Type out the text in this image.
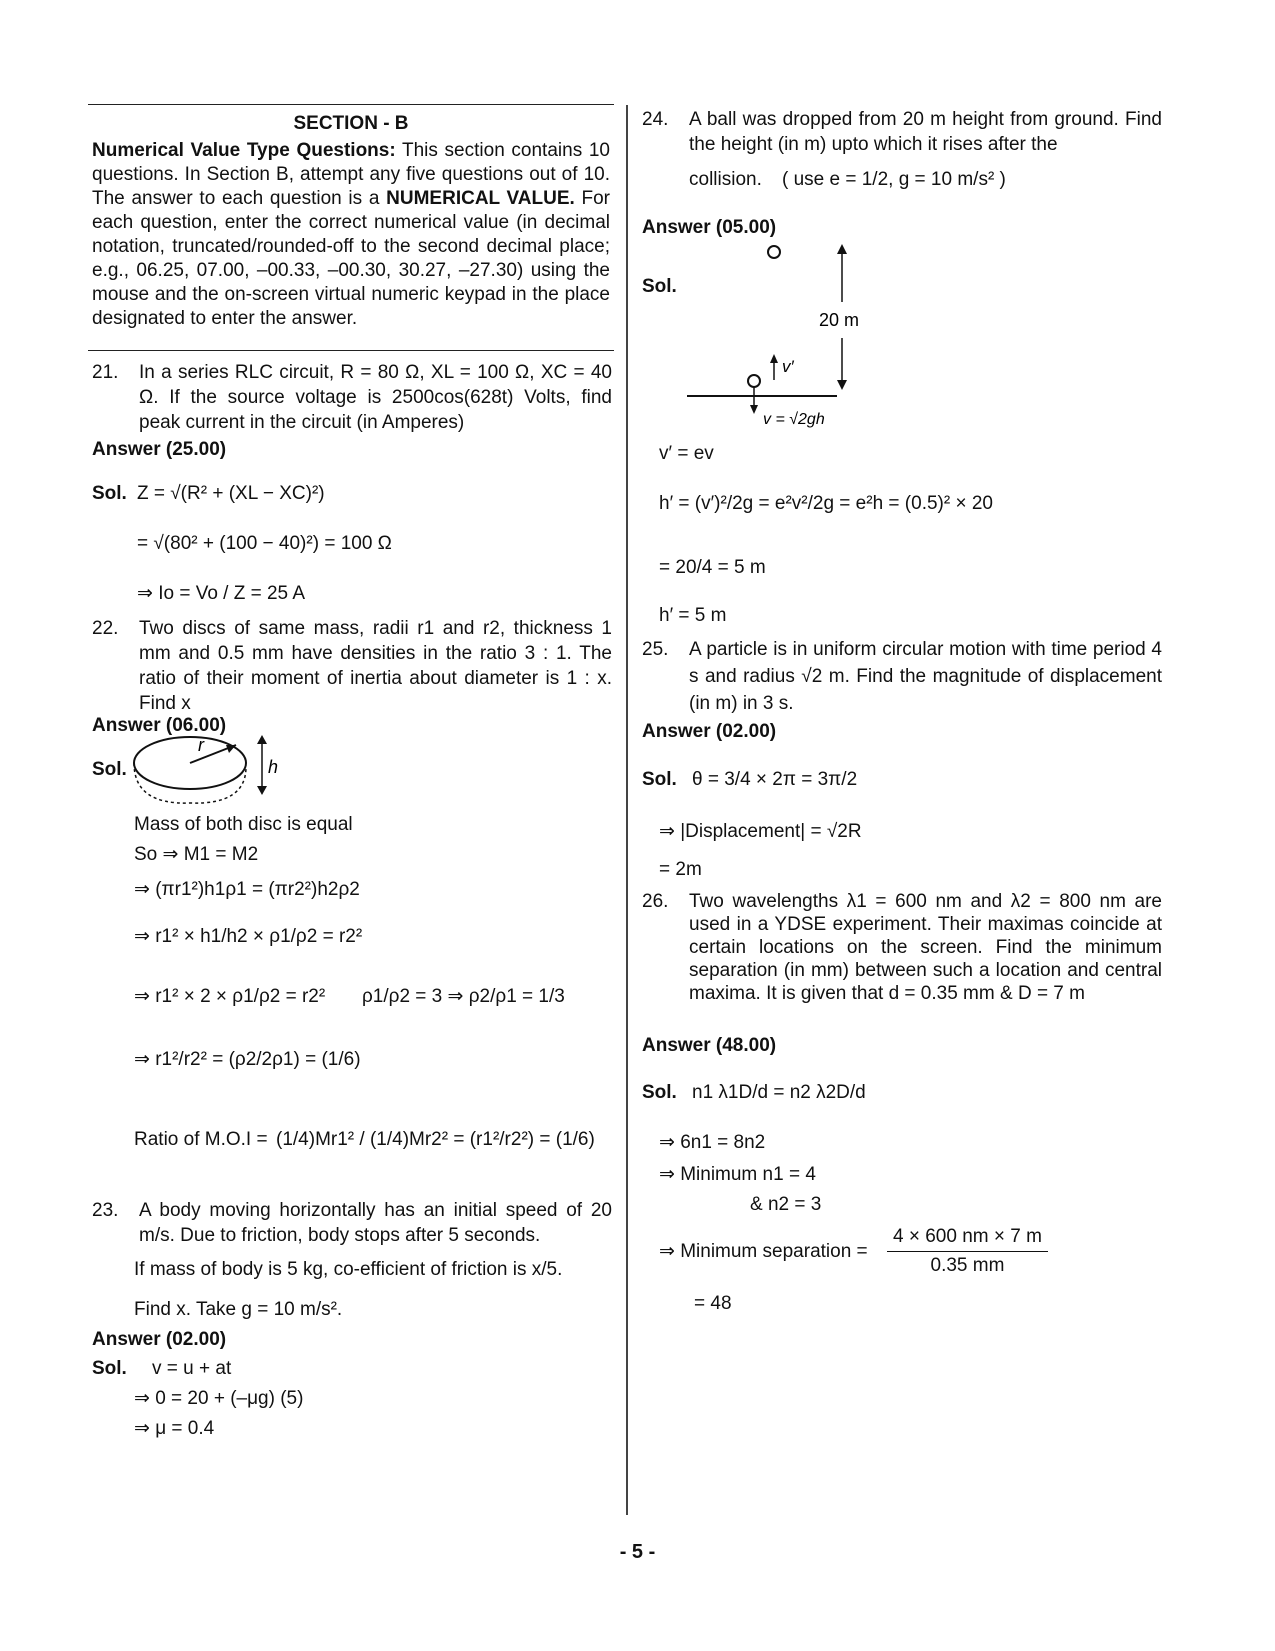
SECTION - B
Numerical Value Type Questions: This section contains 10 questions. In Section B, attempt any five questions out of 10. The answer to each question is a NUMERICAL VALUE. For each question, enter the correct numerical value (in decimal notation, truncated/rounded-off to the second decimal place; e.g., 06.25, 07.00, –00.33, –00.30, 30.27, –27.30) using the mouse and the on-screen virtual numeric keypad in the place designated to enter the answer.
21. In a series RLC circuit, R = 80 Ω, XL = 100 Ω, XC = 40 Ω. If the source voltage is 2500cos(628t) Volts, find peak current in the circuit (in Amperes)
Answer (25.00)
Sol. Z = √(R² + (XL − XC)²)
= √(80² + (100 − 40)²) = 100 Ω
⇒ Io = Vo / Z = 25 A
22. Two discs of same mass, radii r1 and r2, thickness 1 mm and 0.5 mm have densities in the ratio 3 : 1. The ratio of their moment of inertia about diameter is 1 : x. Find x
Answer (06.00)
Sol.
r
h
Mass of both disc is equal
So ⇒ M1 = M2
⇒ (πr1²)h1ρ1 = (πr2²)h2ρ2
⇒ r1² × h1/h2 × ρ1/ρ2 = r2²
⇒ r1² × 2 × ρ1/ρ2 = r2² ρ1/ρ2 = 3 ⇒ ρ2/ρ1 = 1/3
⇒ r1²/r2² = (ρ2/2ρ1) = (1/6)
Ratio of M.O.I = (1/4)Mr1² / (1/4)Mr2² = (r1²/r2²) = (1/6)
23. A body moving horizontally has an initial speed of 20 m/s. Due to friction, body stops after 5 seconds.
If mass of body is 5 kg, co-efficient of friction is x/5.
Find x. Take g = 10 m/s².
Answer (02.00)
Sol. v = u + at
⇒ 0 = 20 + (–μg) (5)
⇒ μ = 0.4
24. A ball was dropped from 20 m height from ground. Find the height (in m) upto which it rises after the
collision. ( use e = 1/2, g = 10 m/s² )
Answer (05.00)
Sol.
20 m
v′
v = √2gh
v′ = ev
h′ = (v′)²/2g = e²v²/2g = e²h = (0.5)² × 20
= 20/4 = 5 m
h′ = 5 m
25. A particle is in uniform circular motion with time period 4 s and radius √2 m. Find the magnitude of displacement (in m) in 3 s.
Answer (02.00)
Sol. θ = 3/4 × 2π = 3π/2
⇒ |Displacement| = √2R
= 2m
26. Two wavelengths λ1 = 600 nm and λ2 = 800 nm are used in a YDSE experiment. Their maximas coincide at certain locations on the screen. Find the minimum separation (in mm) between such a location and central maxima. It is given that d = 0.35 mm & D = 7 m
Answer (48.00)
Sol. n1 λ1D/d = n2 λ2D/d
⇒ 6n1 = 8n2
⇒ Minimum n1 = 4
& n2 = 3
⇒ Minimum separation = $\frac{4 \times 600 nm \times 7 m}{0.35 mm}$
= 48
- 5 -
